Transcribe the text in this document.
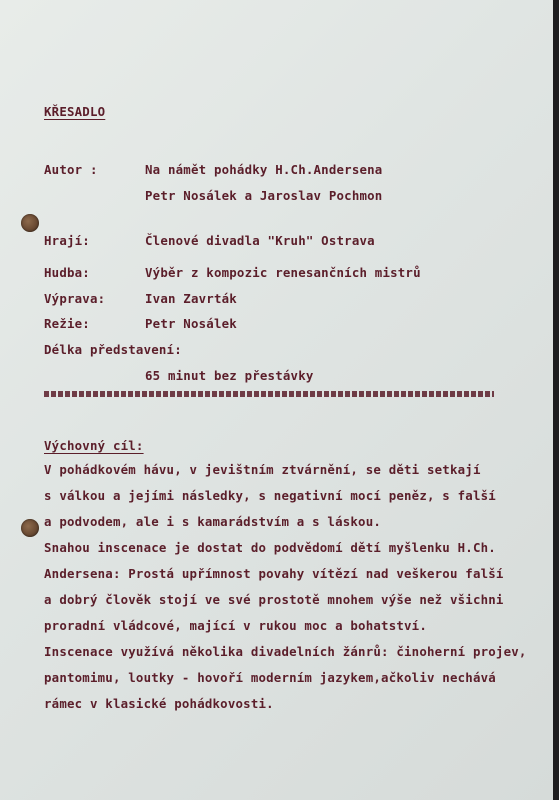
KŘESADLO
Autor :	Na námět pohádky H.Ch.Andersena
Petr Nosálek a Jaroslav Pochmon
Hrají:	Členové divadla "Kruh" Ostrava
Hudba:	Výběr z kompozic renesančních mistrů
Výprava:	Ivan Zavrták
Režie:	Petr Nosálek
Délka představení:
65 minut bez přestávky
Výchovný cíl:
V pohádkovém hávu, v jevištním ztvárnění, se děti setkají
s válkou a jejími následky, s negativní mocí peněz, s falší
a podvodem, ale i s kamarádstvím a s láskou.
Snahou inscenace je dostat do podvědomí dětí myšlenku H.Ch.
Andersena: Prostá upřímnost povahy vítězí nad veškerou falší
a dobrý člověk stojí ve své prostotě mnohem výše než všichni
proradní vládcové, mající v rukou moc a bohatství.
Inscenace využívá několika divadelních žánrů: činoherní projev,
pantomimu, loutky - hovoří moderním jazykem,ačkoliv nechává
rámec v klasické pohádkovosti.
